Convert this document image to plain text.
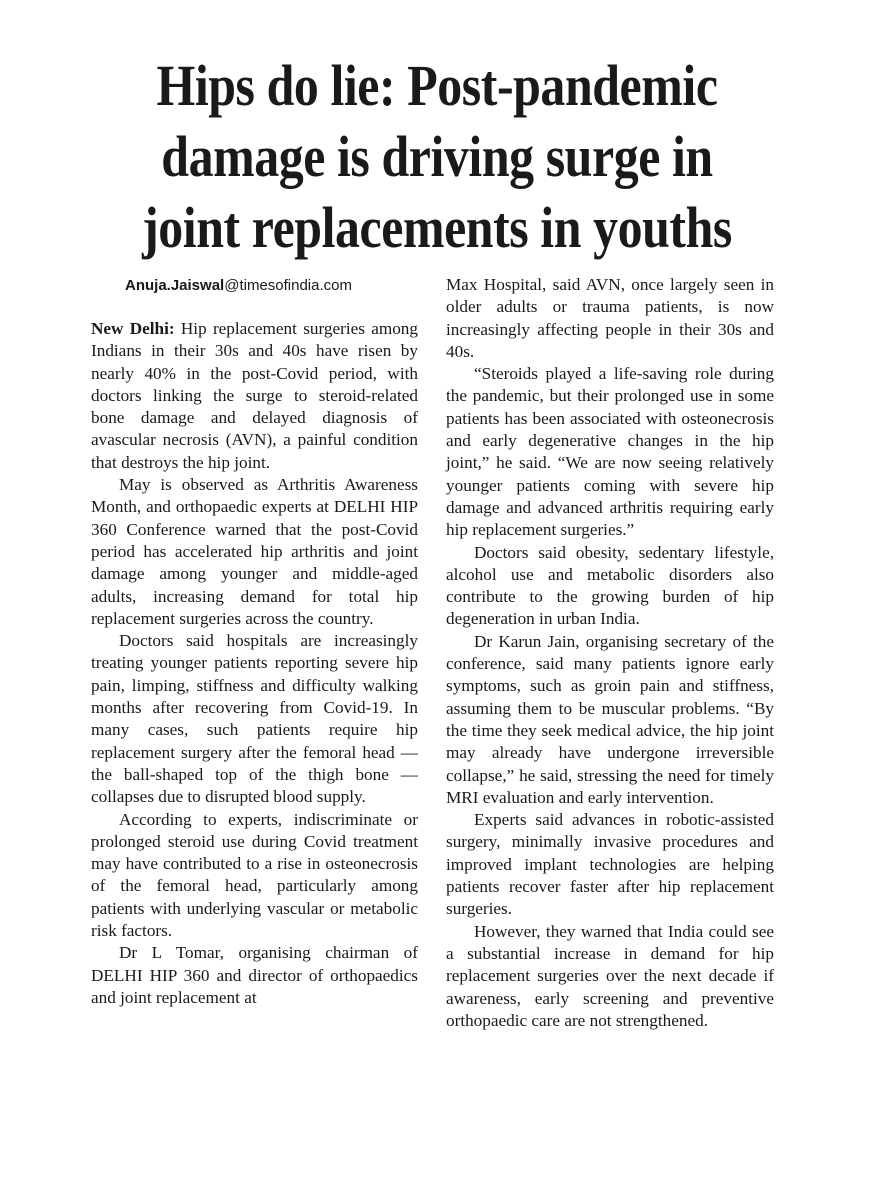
Hips do lie: Post-pandemic
damage is driving surge in
joint replacements in youths
Anuja.Jaiswal@timesofindia.com

New Delhi: Hip replacement surgeries among Indians in their 30s and 40s have risen by nearly 40% in the post-Covid period, with doctors linking the surge to steroid-related bone damage and delayed diagnosis of avascular necrosis (AVN), a painful condition that destroys the hip joint.

May is observed as Arthritis Awareness Month, and orthopaedic experts at DELHI HIP 360 Conference warned that the post-Covid period has accelerated hip arthritis and joint damage among younger and middle-aged adults, increasing demand for total hip replacement surgeries across the country.

Doctors said hospitals are increasingly treating younger patients reporting severe hip pain, limping, stiffness and difficulty walking months after recovering from Covid-19. In many cases, such patients require hip replacement surgery after the femoral head — the ball-shaped top of the thigh bone — collapses due to disrupted blood supply.

According to experts, indiscriminate or prolonged steroid use during Covid treatment may have contributed to a rise in osteonecrosis of the femoral head, particularly among patients with underlying vascular or metabolic risk factors.

Dr L Tomar, organising chairman of DELHI HIP 360 and director of orthopaedics and joint replacement at

Max Hospital, said AVN, once largely seen in older adults or trauma patients, is now increasingly affecting people in their 30s and 40s.

“Steroids played a life-saving role during the pandemic, but their prolonged use in some patients has been associated with osteonecrosis and early degenerative changes in the hip joint,” he said. “We are now seeing relatively younger patients coming with severe hip damage and advanced arthritis requiring early hip replacement surgeries.”

Doctors said obesity, sedentary lifestyle, alcohol use and metabolic disorders also contribute to the growing burden of hip degeneration in urban India.

Dr Karun Jain, organising secretary of the conference, said many patients ignore early symptoms, such as groin pain and stiffness, assuming them to be muscular problems. “By the time they seek medical advice, the hip joint may already have undergone irreversible collapse,” he said, stressing the need for timely MRI evaluation and early intervention.

Experts said advances in robotic-assisted surgery, minimally invasive procedures and improved implant technologies are helping patients recover faster after hip replacement surgeries.

However, they warned that India could see a substantial increase in demand for hip replacement surgeries over the next decade if awareness, early screening and preventive orthopaedic care are not strengthened.
